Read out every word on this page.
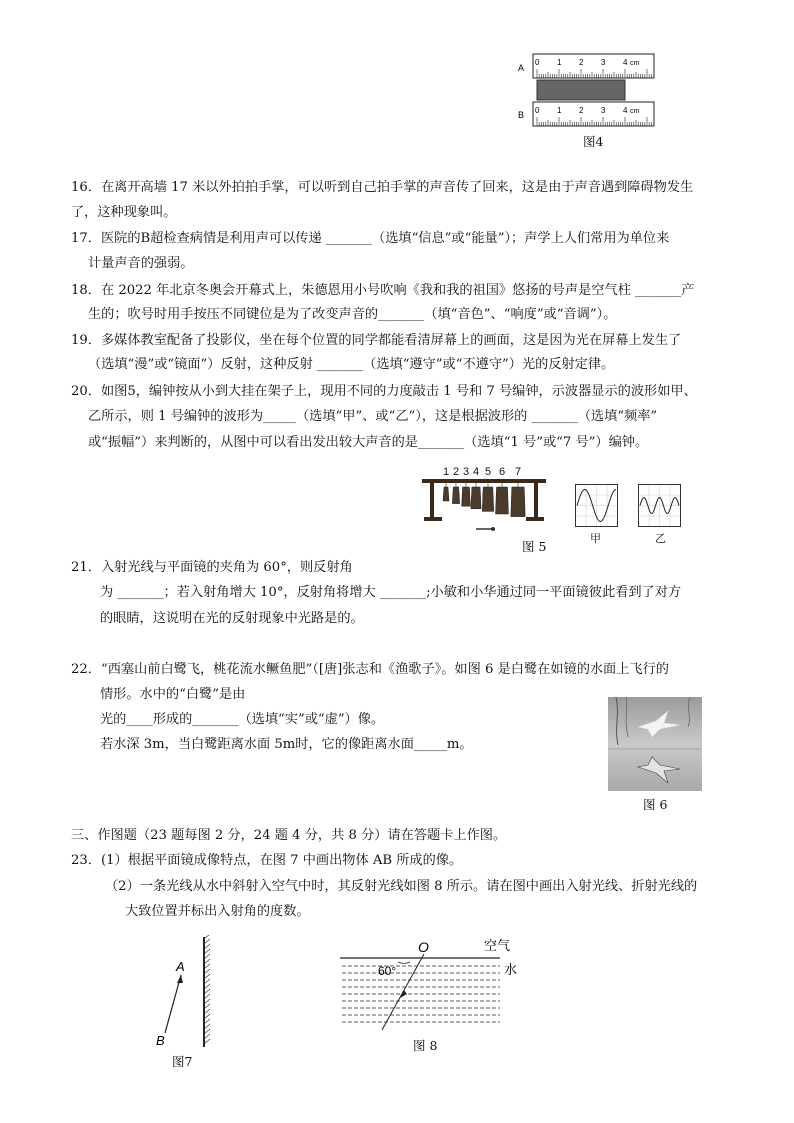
A
B
0 1 2 3 4 cm
0 1 2 3 4 cm
图4
16．在离开高墙 17 米以外拍拍手掌，可以听到自己拍手掌的声音传了回来，这是由于声音遇到障碍物发生
了，这种现象叫。
17．医院的B超检查病情是利用声可以传递 _______（选填“信息”或“能量”）；声学上人们常用为单位来
计量声音的强弱。
18．在 2022 年北京冬奥会开幕式上，朱德恩用小号吹响《我和我的祖国》悠扬的号声是空气柱 _______产
生的；吹号时用手按压不同键位是为了改变声音的_______（填“音色”、“响度”或“音调”）。
19．多媒体教室配备了投影仪，坐在每个位置的同学都能看清屏幕上的画面，这是因为光在屏幕上发生了
（选填“漫”或“镜面”）反射，这种反射 _______（选填“遵守”或“不遵守”）光的反射定律。
20．如图5，编钟按从小到大挂在架子上，现用不同的力度敲击 1 号和 7 号编钟，示波器显示的波形如甲、
乙所示，则 1 号编钟的波形为_____（选填“甲”、或“乙”），这是根据波形的 _______（选填“频率”
或“振幅”）来判断的，从图中可以看出发出较大声音的是_______（选填“1 号”或“7 号”）编钟。
1 2 3 4 5 6 7
图 5
甲	乙
21．入射光线与平面镜的夹角为 60°，则反射角
为 _______；若入射角增大 10°，反射角将增大 _______;小敏和小华通过同一平面镜彼此看到了对方
的眼睛，这说明在光的反射现象中光路是的。
22．“西塞山前白鹭飞，桃花流水鳜鱼肥”（[唐]张志和《渔歌子》。如图 6 是白鹭在如镜的水面上飞行的
情形。水中的“白鹭”是由
光的____形成的_______（选填“实”或“虚”）像。
若水深 3m，当白鹭距离水面 5m时，它的像距离水面_____m。
图 6
三、作图题（23 题每图 2 分，24 题 4 分，共 8 分）请在答题卡上作图。
23．(1）根据平面镜成像特点，在图 7 中画出物体 AB 所成的像。
（2）一条光线从水中斜射入空气中时，其反射光线如图 8 所示。请在图中画出入射光线、折射光线的
大致位置并标出入射角的度数。
A
B
图7
O	空气
水
60°
图 8
